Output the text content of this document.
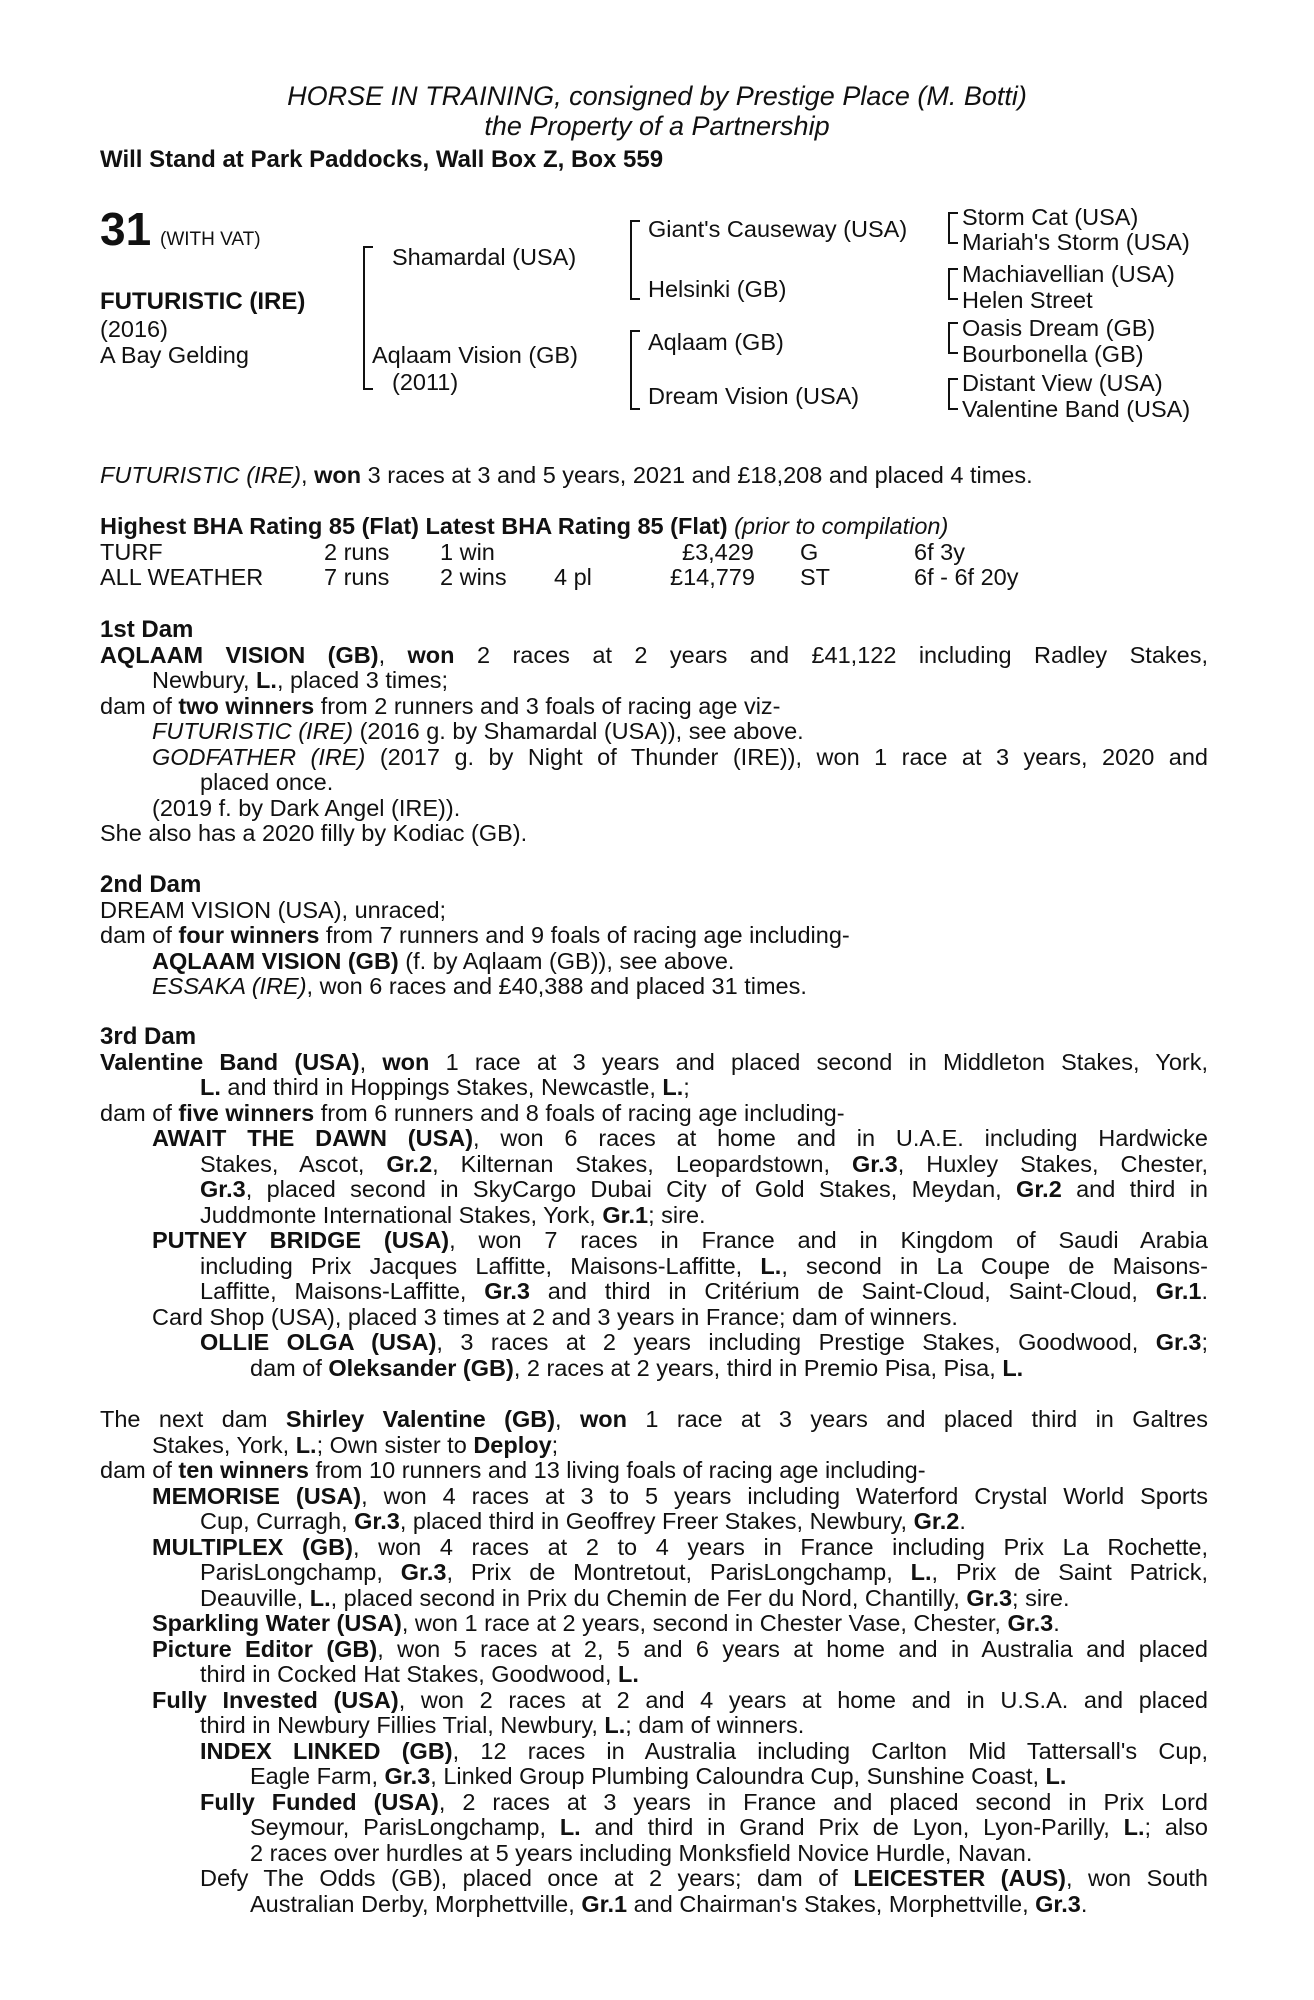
HORSE IN TRAINING, consigned by Prestige Place (M. Botti)
the Property of a Partnership
Will Stand at Park Paddocks, Wall Box Z, Box 559
31 (WITH VAT)
FUTURISTIC (IRE)
(2016)
A Bay Gelding
Shamardal (USA)
Aqlaam Vision (GB)
(2011)
Giant's Causeway (USA)
Helsinki (GB)
Aqlaam (GB)
Dream Vision (USA)
Storm Cat (USA)
Mariah's Storm (USA)
Machiavellian (USA)
Helen Street
Oasis Dream (GB)
Bourbonella (GB)
Distant View (USA)
Valentine Band (USA)
FUTURISTIC (IRE), won 3 races at 3 and 5 years, 2021 and £18,208 and placed 4 times.
Highest BHA Rating 85 (Flat) Latest BHA Rating 85 (Flat) (prior to compilation)
TURF	2 runs 1 win	£3,429 G	6f 3y
ALL WEATHER	7 runs 2 wins 4 pl	£14,779 ST	6f - 6f 20y
1st Dam
AQLAAM VISION (GB), won 2 races at 2 years and £41,122 including Radley Stakes,
Newbury, L., placed 3 times;
dam of two winners from 2 runners and 3 foals of racing age viz-
FUTURISTIC (IRE) (2016 g. by Shamardal (USA)), see above.
GODFATHER (IRE) (2017 g. by Night of Thunder (IRE)), won 1 race at 3 years, 2020 and
placed once.
(2019 f. by Dark Angel (IRE)).
She also has a 2020 filly by Kodiac (GB).
2nd Dam
DREAM VISION (USA), unraced;
dam of four winners from 7 runners and 9 foals of racing age including-
AQLAAM VISION (GB) (f. by Aqlaam (GB)), see above.
ESSAKA (IRE), won 6 races and £40,388 and placed 31 times.
3rd Dam
Valentine Band (USA), won 1 race at 3 years and placed second in Middleton Stakes, York,
L. and third in Hoppings Stakes, Newcastle, L.;
dam of five winners from 6 runners and 8 foals of racing age including-
AWAIT THE DAWN (USA), won 6 races at home and in U.A.E. including Hardwicke
Stakes, Ascot, Gr.2, Kilternan Stakes, Leopardstown, Gr.3, Huxley Stakes, Chester,
Gr.3, placed second in SkyCargo Dubai City of Gold Stakes, Meydan, Gr.2 and third in
Juddmonte International Stakes, York, Gr.1; sire.
PUTNEY BRIDGE (USA), won 7 races in France and in Kingdom of Saudi Arabia
including Prix Jacques Laffitte, Maisons-Laffitte, L., second in La Coupe de Maisons-
Laffitte, Maisons-Laffitte, Gr.3 and third in Critérium de Saint-Cloud, Saint-Cloud, Gr.1.
Card Shop (USA), placed 3 times at 2 and 3 years in France; dam of winners.
OLLIE OLGA (USA), 3 races at 2 years including Prestige Stakes, Goodwood, Gr.3;
dam of Oleksander (GB), 2 races at 2 years, third in Premio Pisa, Pisa, L.
The next dam Shirley Valentine (GB), won 1 race at 3 years and placed third in Galtres
Stakes, York, L.; Own sister to Deploy;
dam of ten winners from 10 runners and 13 living foals of racing age including-
MEMORISE (USA), won 4 races at 3 to 5 years including Waterford Crystal World Sports
Cup, Curragh, Gr.3, placed third in Geoffrey Freer Stakes, Newbury, Gr.2.
MULTIPLEX (GB), won 4 races at 2 to 4 years in France including Prix La Rochette,
ParisLongchamp, Gr.3, Prix de Montretout, ParisLongchamp, L., Prix de Saint Patrick,
Deauville, L., placed second in Prix du Chemin de Fer du Nord, Chantilly, Gr.3; sire.
Sparkling Water (USA), won 1 race at 2 years, second in Chester Vase, Chester, Gr.3.
Picture Editor (GB), won 5 races at 2, 5 and 6 years at home and in Australia and placed
third in Cocked Hat Stakes, Goodwood, L.
Fully Invested (USA), won 2 races at 2 and 4 years at home and in U.S.A. and placed
third in Newbury Fillies Trial, Newbury, L.; dam of winners.
INDEX LINKED (GB), 12 races in Australia including Carlton Mid Tattersall's Cup,
Eagle Farm, Gr.3, Linked Group Plumbing Caloundra Cup, Sunshine Coast, L.
Fully Funded (USA), 2 races at 3 years in France and placed second in Prix Lord
Seymour, ParisLongchamp, L. and third in Grand Prix de Lyon, Lyon-Parilly, L.; also
2 races over hurdles at 5 years including Monksfield Novice Hurdle, Navan.
Defy The Odds (GB), placed once at 2 years; dam of LEICESTER (AUS), won South
Australian Derby, Morphettville, Gr.1 and Chairman's Stakes, Morphettville, Gr.3.
